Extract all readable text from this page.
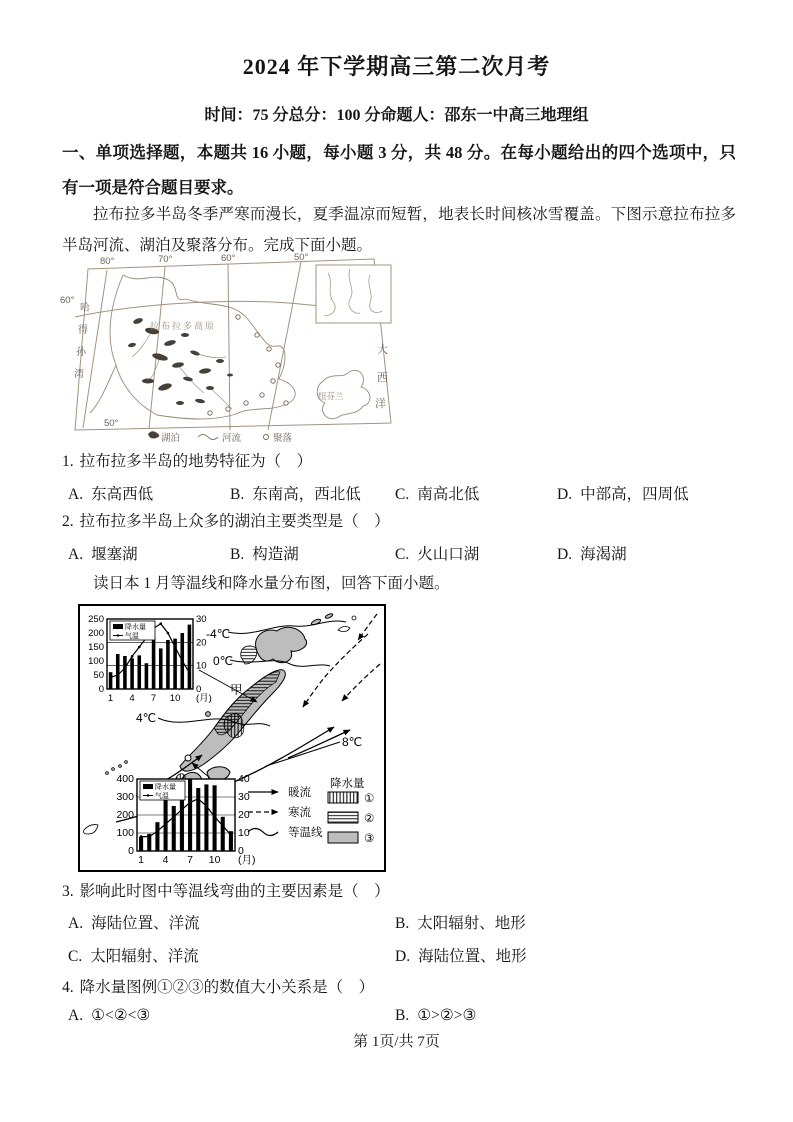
2024 年下学期高三第二次月考
时间：75 分总分：100 分命题人：邵东一中高三地理组
一、单项选择题，本题共 16 小题，每小题 3 分，共 48 分。在每小题给出的四个选项中，只有一项是符合题目要求。
拉布拉多半岛冬季严寒而漫长，夏季温凉而短暂，地表长时间核冰雪覆盖。下图示意拉布拉多半岛河流、湖泊及聚落分布。完成下面小题。
80°	70°	60°	50°
60°
50°
哈
得
孙
湾
拉布拉多高原
纽芬兰
大
西
洋
湖泊	河流	聚落
1. 拉布拉多半岛的地势特征为（　）
A. 东高西低	B. 东南高，西北低 C. 南高北低	D. 中部高，四周低
2. 拉布拉多半岛上众多的湖泊主要类型是（　）
A. 堰塞湖	B. 构造湖	C. 火山口湖	D. 海渴湖
读日本 1 月等温线和降水量分布图，回答下面小题。
-4℃
0℃
甲
4℃
8℃
暖流
寒流
等温线
降水量
①
②
③
0
50
100
150
200
250
0
10
20
30
1 4 7 10 (月)
降水量
气温
0
100
200
300
400
0
10
20
30
40
1 4 7 10 (月)
降水量
气温
3. 影响此时图中等温线弯曲的主要因素是（　）
A. 海陆位置、洋流	B. 太阳辐射、地形
C. 太阳辐射、洋流	D. 海陆位置、地形
4. 降水量图例①②③的数值大小关系是（　）
A. ①<②<③	B. ①>②>③
第 1页/共 7页
